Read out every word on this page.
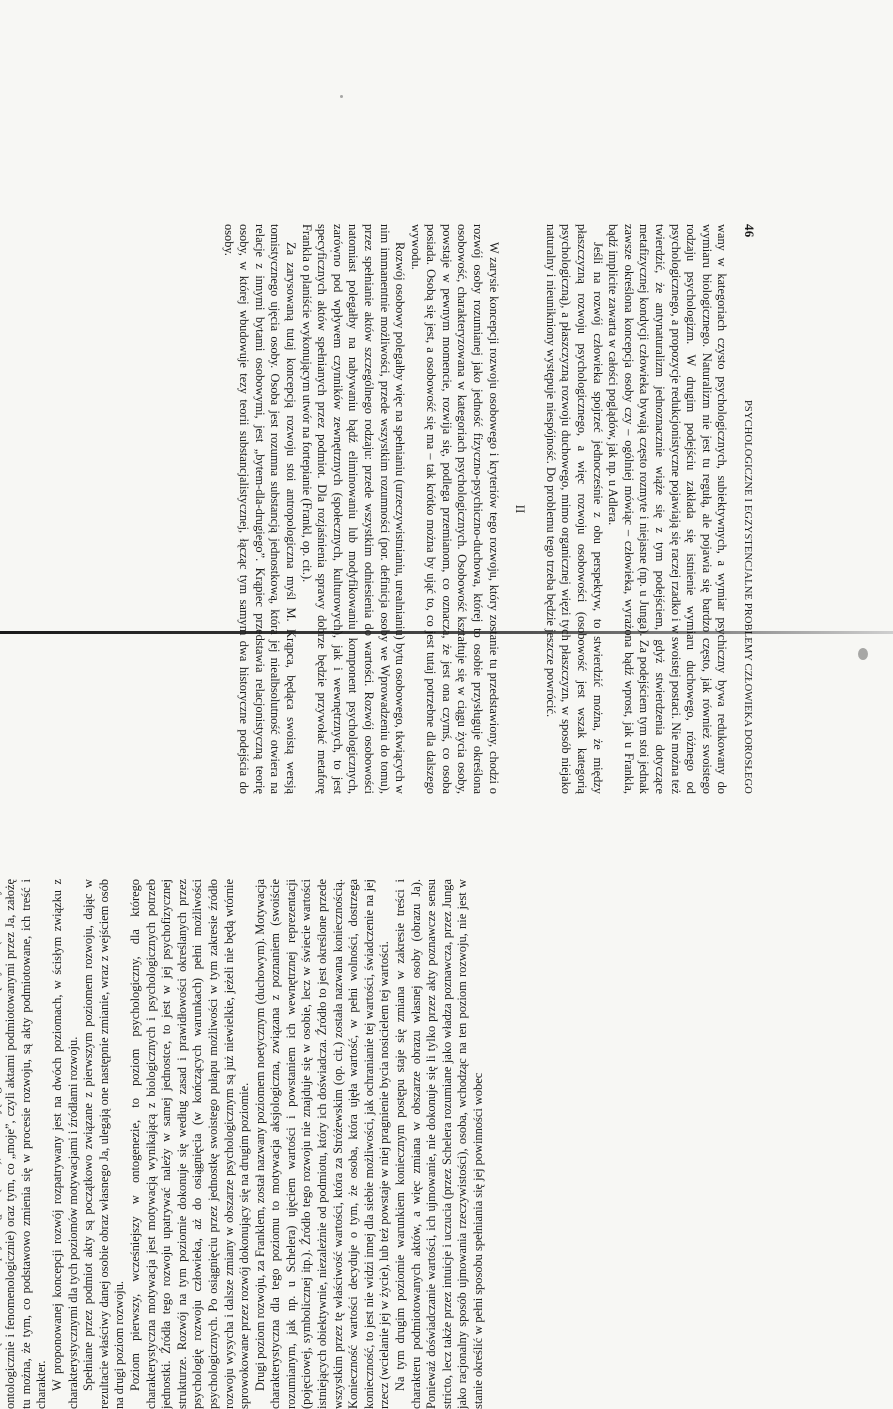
46
PSYCHOLOGICZNE I EGZYSTENCJALNE PROBLEMY CZŁOWIEKA DOROSŁEGO

wany w kategoriach czysto psychologicznych, subiektywnych, a wymiar psychiczny bywa redukowany do wymiaru biologicznego. Naturalizm nie jest tu regułą, ale pojawia się bardzo często, jak również swoistego rodzaju psychologizm. W drugim podejściu zakłada się istnienie wymiaru duchowego, różnego od psychologicznego, a propozycje redukcjonistyczne pojawiają się raczej rzadko i w swoistej postaci. Nie można też twierdzić, że antynaturalizm jednoznacznie wiąże się z tym podejściem, gdyż stwierdzenia dotyczące metafizycznej kondycji człowieka bywają często rozmyte i niejasne (np. u Junga). Za podejściem tym stoi jednak zawsze określona koncepcja osoby czy – ogólniej mówiąc – człowieka, wyrażona bądź wprost, jak u Frankla, bądź implicite zawarta w całości poglądów, jak np. u Adlera.

Jeśli na rozwój człowieka spojrzeć jednocześnie z obu perspektyw, to stwierdzić można, że między płaszczyzną rozwoju psychologicznego, a więc rozwoju osobowości (osobowość jest wszak kategorią psychologiczną), a płaszczyzną rozwoju duchowego, mimo organicznej więzi tych płaszczyzn, w sposób niejako naturalny i nieunikniony występuje niespójność. Do problemu tego trzeba będzie jeszcze powrócić.

II

W zarysie koncepcji rozwoju osobowego i kryteriów tego rozwoju, który zostanie tu przedstawiony, chodzi o rozwój osoby rozumianej jako jedność fizyczno-psychiczno-duchowa, której to osobie przysługuje określona osobowość, charakteryzowana w kategoriach psychologicznych. Osobowość kształtuje się w ciągu życia osoby, powstaje w pewnym momencie, rozwija się, podlega przemianom, co oznacza, że jest ona czymś, co osoba posiada. Osobą się jest, a osobowość się ma – tak krótko można by ująć to, co jest tutaj potrzebne dla dalszego wywodu.

Rozwój osobowy polegałby więc na spełnianiu (urzeczywistnianiu, urealnianiu) bytu osobowego, tkwiących w nim immanentnie możliwości, przede wszystkim rozumności (por. definicja osoby we Wprowadzeniu do tomu), przez spełnianie aktów szczególnego rodzaju: przede wszystkim odniesienia do wartości. Rozwój osobowości natomiast polegałby na nabywaniu bądź eliminowaniu lub modyfikowaniu komponent psychologicznych, zarówno pod wpływem czynników zewnętrznych (społecznych, kulturowych), jak i wewnętrznych, to jest specyficznych aktów spełnianych przez podmiot. Dla rozjaśnienia sprawy dobrze będzie przywołać metaforę Frankla o planiście wykonującym utwór na fortepianie (Frankl, op. cit.).

Za zarysowaną tutaj koncepcją rozwoju stoi antropologiczna myśl M. Krąpca, będąca swoistą wersją tomistycznego ujęcia osoby. Osoba jest rozumna substancją jednostkową, która jej niealbsolutność otwiera na relacje z innymi bytami osobowymi, jest „bytem-dla-drugiego”. Krąpiec przedstawia relacjonistyczną teorię osoby, w której wbudowuje tezy teorii substancjalistycznej, łącząc tym samym dwa historyczne podejścia do osoby.

ontologicznie i fenomenologicznie) oraz tym, co „moje”, czyli aktami podmiotowanymi przez Ja, założę tu można, że tym, co podstawowo zmienia się w procesie rozwoju, są akty podmiotowane, ich treść i charakter. W proponowanej koncepcji rozwój rozpatrywany jest na dwóch poziomach, w ścisłym związku z charakterystycznymi dla tych poziomów motywacjami i źródłami rozwoju. Spełniane przez podmiot akty są początkowo związane z pierwszym poziomem rozwoju, dając w rezultacie właściwy danej osobie obraz własnego Ja, ulegają one następnie zmianie, wraz z wejściem osób na drugi poziom rozwoju. Poziom pierwszy, wcześniejszy w ontogenezie, to poziom psychologiczny, dla którego charakterystyczna motywacja jest motywacją wynikającą z biologicznych i psychologicznych potrzeb jednostki. Źródła tego rozwoju upatrywać należy w samej jednostce, to jest w jej psychofizycznej strukturze. Rozwój na tym poziomie dokonuje się według zasad i prawidłowości określanych przez psychologię rozwoju człowieka, aż do osiągnięcia (w kończących warunkach) pełni możliwości psychologicznych. Po osiągnięciu przez jednostkę swoistego pułapu możliwości w tym zakresie źródło rozwoju wysycha i dalsze zmiany w obszarze psychologicznym są już niewielkie, jeżeli nie będą wtórnie sprowokowane przez rozwój dokonujący się na drugim poziomie. Drugi poziom rozwoju, za Franklem, został nazwany poziomem noetycznym (duchowym). Motywacja charakterystyczna dla tego poziomu to motywacja aksjologiczna, związana z poznaniem (swoiście rozumianym, jak np. u Schelera) ujęciem wartości i powstaniem ich wewnętrznej reprezentacji (pojęciowej, symbolicznej itp.). Źródło tego rozwoju nie znajduje się w osobie, lecz w świecie wartości istniejących obiektywnie, niezależnie od podmiotu, który ich doświadcza. Źródło to jest określone przede wszystkim przez tę właściwość wartości, która za Stróżewskim (op. cit.) została nazwana koniecznością. Konieczność wartości decyduje o tym, że osoba, która ujęła wartość, w pełni wolności, dostrzega konieczność, to jest nie widzi innej dla siebie możliwości, jak ochranianie tej wartości, świadczenie na jej rzecz (wcielanie jej w życie), lub też powstaje w niej pragnienie bycia nosicielem tej wartości. Na tym drugim poziomie warunkiem koniecznym postępu staje się zmiana w zakresie treści i charakteru podmiotowanych aktów, a więc zmiana w obszarze obrazu własnej osoby (obrazu Ja). Ponieważ doświadczanie wartości, ich ujmowanie, nie dokonuje się li tylko przez akty poznawcze sensu stricto, lecz także przez intuicje i uczucia (przez Schelera rozumiane jako władza poznawcza, przez Junga jako racjonalny sposób ujmowania rzeczywistości), osoba, wchodząc na ten poziom rozwoju, nie jest w stanie określić w pełni sposobu spełniania się jej powinności wobec
